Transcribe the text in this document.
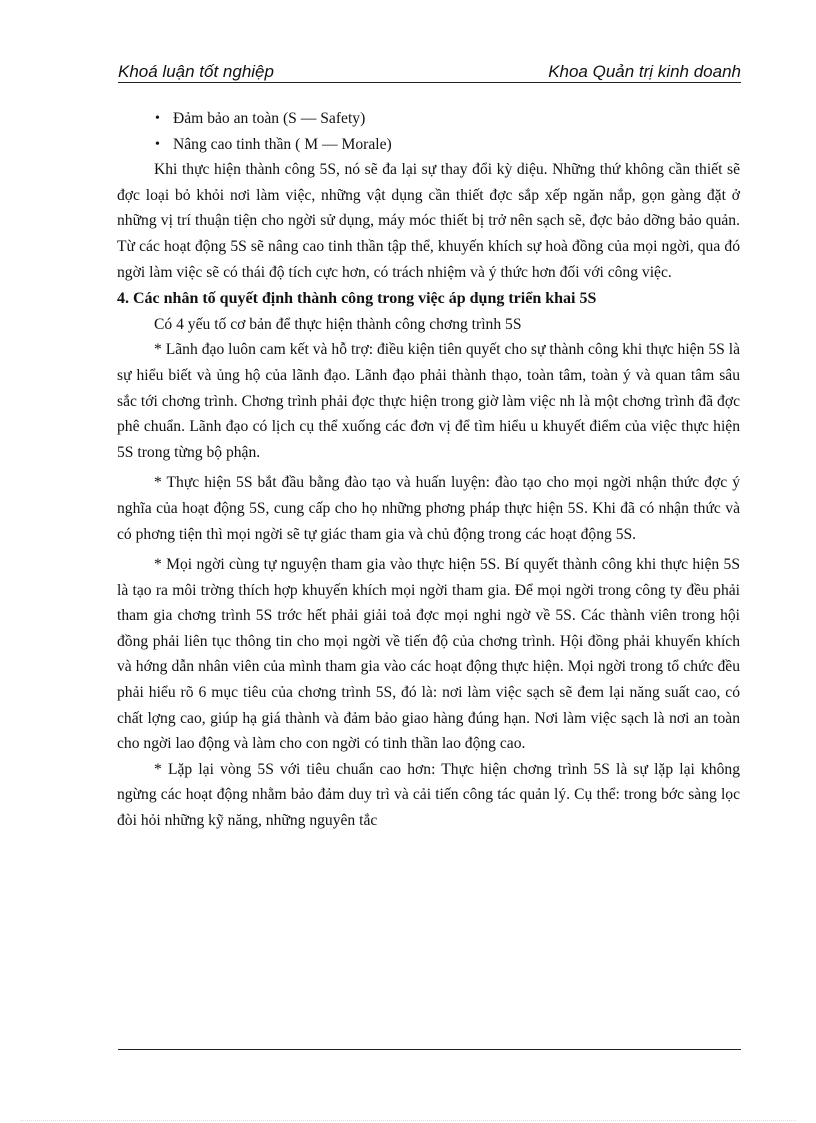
Khoá luận tốt nghiệp	Khoa Quản trị kinh doanh
• Đảm bảo an toàn (S — Safety)
• Nâng cao tinh thần ( M — Morale)

Khi thực hiện thành công 5S, nó sẽ đa lại sự thay đổi kỳ diệu. Những thứ không cần thiết sẽ đợc loại bỏ khỏi nơi làm việc, những vật dụng cần thiết đợc sắp xếp ngăn nắp, gọn gàng đặt ở những vị trí thuận tiện cho ngời sử dụng, máy móc thiết bị trở nên sạch sẽ, đợc bảo dỡng bảo quản. Từ các hoạt động 5S sẽ nâng cao tinh thần tập thể, khuyến khích sự hoà đồng của mọi ngời, qua đó ngời làm việc sẽ có thái độ tích cực hơn, có trách nhiệm và ý thức hơn đối với công việc.

4. Các nhân tố quyết định thành công trong việc áp dụng triển khai 5S

Có 4 yếu tố cơ bản để thực hiện thành công chơng trình 5S

* Lãnh đạo luôn cam kết và hỗ trợ: điều kiện tiên quyết cho sự thành công khi thực hiện 5S là sự hiểu biết và ủng hộ của lãnh đạo. Lãnh đạo phải thành thạo, toàn tâm, toàn ý và quan tâm sâu sắc tới chơng trình. Chơng trình phải đợc thực hiện trong giờ làm việc nh là một chơng trình đã đợc phê chuẩn. Lãnh đạo có lịch cụ thể xuống các đơn vị để tìm hiểu u khuyết điểm của việc thực hiện 5S trong từng bộ phận.

* Thực hiện 5S bắt đầu bằng đào tạo và huấn luyện: đào tạo cho mọi ngời nhận thức đợc ý nghĩa của hoạt động 5S, cung cấp cho họ những phơng pháp thực hiện 5S. Khi đã có nhận thức và có phơng tiện thì mọi ngời sẽ tự giác tham gia và chủ động trong các hoạt động 5S.

* Mọi ngời cùng tự nguyện tham gia vào thực hiện 5S. Bí quyết thành công khi thực hiện 5S là tạo ra môi trờng thích hợp khuyến khích mọi ngời tham gia. Để mọi ngời trong công ty đều phải tham gia chơng trình 5S trớc hết phải giải toả đợc mọi nghi ngờ về 5S. Các thành viên trong hội đồng phải liên tục thông tin cho mọi ngời về tiến độ của chơng trình. Hội đồng phải khuyến khích và hớng dẫn nhân viên của mình tham gia vào các hoạt động thực hiện. Mọi ngời trong tổ chức đều phải hiểu rõ 6 mục tiêu của chơng trình 5S, đó là: nơi làm việc sạch sẽ đem lại năng suất cao, có chất lợng cao, giúp hạ giá thành và đảm bảo giao hàng đúng hạn. Nơi làm việc sạch là nơi an toàn cho ngời lao động và làm cho con ngời có tinh thần lao động cao.

* Lặp lại vòng 5S với tiêu chuẩn cao hơn: Thực hiện chơng trình 5S là sự lặp lại không ngừng các hoạt động nhằm bảo đảm duy trì và cải tiến công tác quản lý. Cụ thể: trong bớc sàng lọc đòi hỏi những kỹ năng, những nguyên tắc
